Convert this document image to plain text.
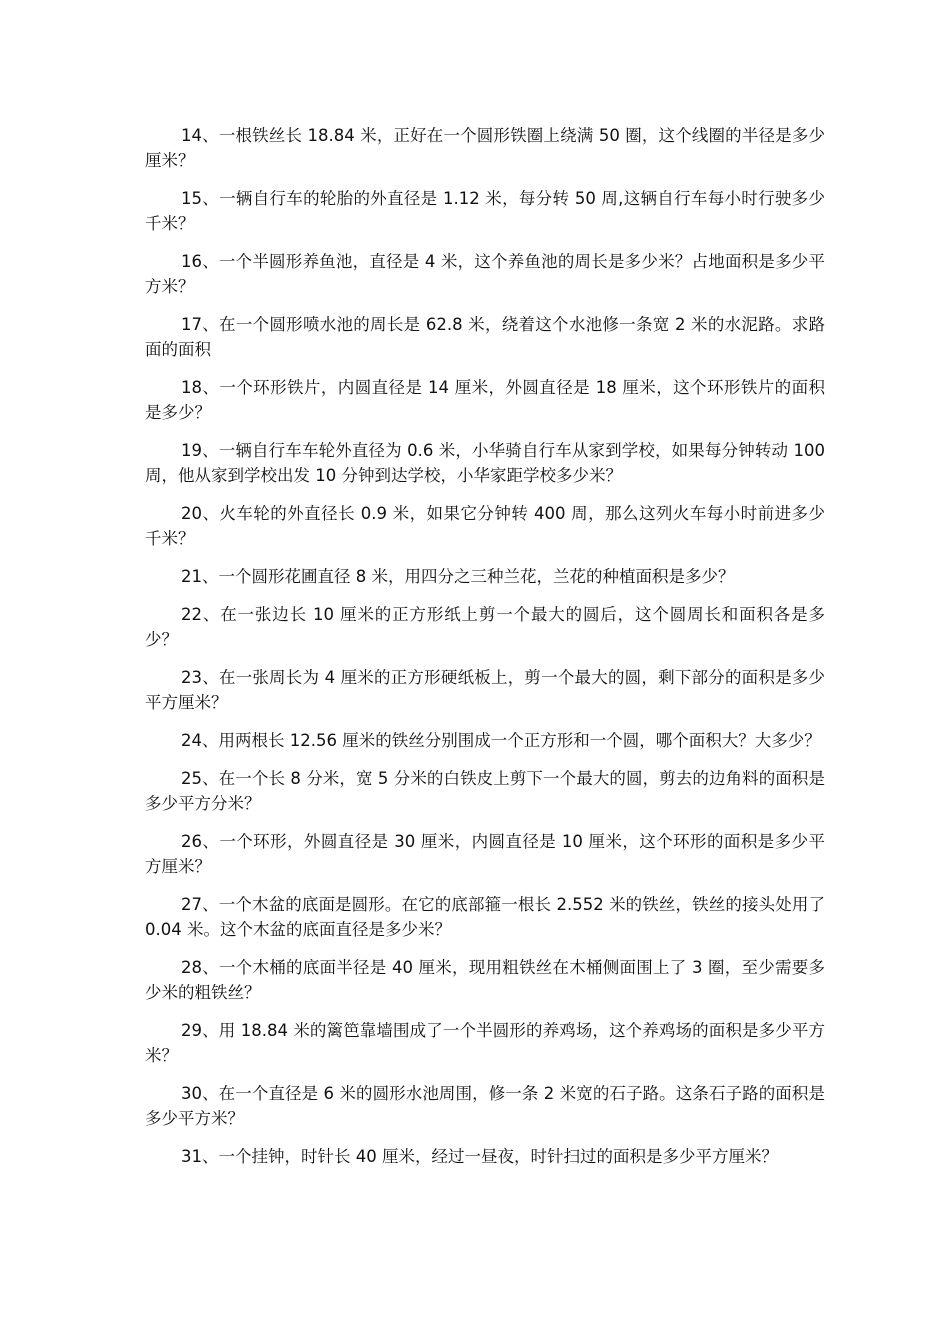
14、一根铁丝长 18.84 米，正好在一个圆形铁圈上绕满 50 圈，这个线圈的半径是多少厘米？

15、一辆自行车的轮胎的外直径是 1.12 米，每分转 50 周,这辆自行车每小时行驶多少千米？

16、一个半圆形养鱼池，直径是 4 米，这个养鱼池的周长是多少米？占地面积是多少平方米？

17、在一个圆形喷水池的周长是 62.8 米，绕着这个水池修一条宽 2 米的水泥路。求路面的面积

18、一个环形铁片，内圆直径是 14 厘米，外圆直径是 18 厘米，这个环形铁片的面积是多少？

19、一辆自行车车轮外直径为 0.6 米，小华骑自行车从家到学校，如果每分钟转动 100 周，他从家到学校出发 10 分钟到达学校，小华家距学校多少米？

20、火车轮的外直径长 0.9 米，如果它分钟转 400 周，那么这列火车每小时前进多少千米？

21、一个圆形花圃直径 8 米，用四分之三种兰花，兰花的种植面积是多少？

22、在一张边长 10 厘米的正方形纸上剪一个最大的圆后，这个圆周长和面积各是多少？

23、在一张周长为 4 厘米的正方形硬纸板上，剪一个最大的圆，剩下部分的面积是多少平方厘米？

24、用两根长 12.56 厘米的铁丝分别围成一个正方形和一个圆，哪个面积大？大多少？

25、在一个长 8 分米，宽 5 分米的白铁皮上剪下一个最大的圆，剪去的边角料的面积是多少平方分米？

26、一个环形，外圆直径是 30 厘米，内圆直径是 10 厘米，这个环形的面积是多少平方厘米？

27、一个木盆的底面是圆形。在它的底部箍一根长 2.552 米的铁丝，铁丝的接头处用了 0.04 米。这个木盆的底面直径是多少米？

28、一个木桶的底面半径是 40 厘米，现用粗铁丝在木桶侧面围上了 3 圈，至少需要多少米的粗铁丝？

29、用 18.84 米的篱笆靠墙围成了一个半圆形的养鸡场，这个养鸡场的面积是多少平方米？

30、在一个直径是 6 米的圆形水池周围，修一条 2 米宽的石子路。这条石子路的面积是多少平方米？

31、一个挂钟，时针长 40 厘米，经过一昼夜，时针扫过的面积是多少平方厘米？
